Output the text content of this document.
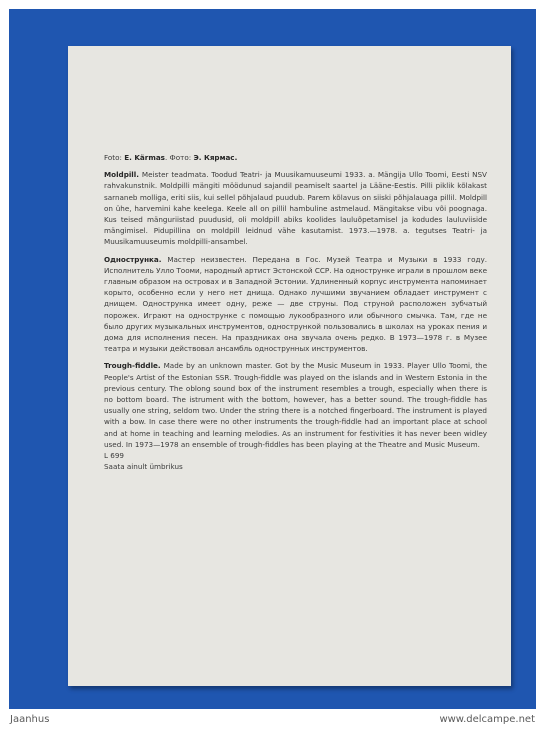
Foto: E. Kärmas. Фото: Э. Кярмас.

Moldpill. Meister teadmata. Toodud Teatri- ja Muusikamuuseumi 1933. a. Mängija Ullo Toomi, Eesti NSV rahvakunstnik. Moldpilli mängiti möödunud sajandil peamiselt saartel ja Lääne-Eestis. Pilli piklik kõlakast sarnaneb molliga, eriti siis, kui sellel põhjalaud puudub. Parem kõlavus on siiski põhjalauaga pillil. Moldpill on ühe, harvemini kahe keelega. Keele all on pillil hambuline astmelaud. Mängitakse vibu või poognaga. Kus teised mänguriistad puudusid, oli moldpill abiks koolides lauluõpetamisel ja kodudes lauluviisidе mängimisel. Pidupillina on moldpill leidnud vähe kasutamist. 1973.—1978. a. tegutses Teatri- ja Muusikamuuseumis moldpilli-ansambel.

Однострунка. Мастер неизвестен. Передана в Гос. Музей Театра и Музыки в 1933 году. Исполнитель Улло Тооми, народный артист Эстонской ССР. На однострунке играли в прошлом веке главным образом на островах и в Западной Эстонии. Удлиненный корпус инструмента напоминает корыто, особенно если у него нет днища. Однако лучшими звучанием обладает инструмент с днищем. Однострунка имеет одну, реже — две струны. Под струной расположен зубчатый порожек. Играют на однострунке с помощью лукообразного или обычного смычка. Там, где не было других музыкальных инструментов, однострункой пользовались в школах на уроках пения и дома для исполнения песен. На праздниках она звучала очень редко. В 1973—1978 г. в Музее театра и музыки действовал ансамбль однострунных инструментов.

Trough-fiddle. Made by an unknown master. Got by the Music Museum in 1933. Player Ullo Toomi, the People's Artist of the Estonian SSR. Trough-fiddle was played on the islands and in Western Estonia in the previous century. The oblong sound box of the instrument resembles a trough, especially when there is no bottom board. The istrument with the bottom, however, has a better sound. The trough-fiddle has usually one string, seldom two. Under the string there is a notched fingerboard. The instrument is played with a bow. In case there were no other instruments the trough-fiddle had an important place at school and at home in teaching and learning melodies. As an instrument for festivities it has never been widley used. In 1973—1978 an ensemble of trough-fiddles has been playing at the Theatre and Music Museum.

L 699

Saata ainult ümbrikus

Jaanhus	www.delcampe.net
